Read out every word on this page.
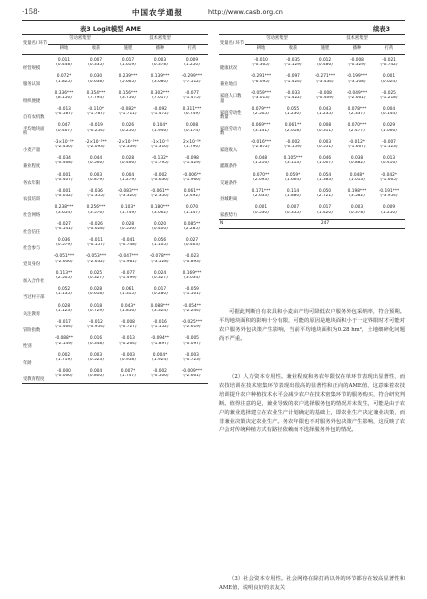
·158·	中国农学通报	http://www.casb.org.cn
表3 Logit模型 AME	续表3
变量名/ 环节	劳动密集型		技术密集型		
	耕地	收获	施肥	播种	打药
经营规模	0.011	0.007	0.017	0.003	0.009
	(0.448)	(0.335)	(1.619)	(0.378)	(1.250)
服务认知	0.072*	0.030	0.239***	0.139***	-0.299***
	(1.825)	(0.638)	(5.665)	(3.080)	(-7.512)
组织便捷	0.336***	0.354***	0.156***	0.302***	-0.077
	(8.156)	(7.794)	(3.756)	(7.017)	(-1.475)
自有农机数	-0.013	-0.110*	-0.082*	-0.092	0.311***
	(-0.587)	(-1.787)	(-1.711)	(-1.472)	(6.749)
平均地块面积	0.047	-0.019	0.026	0.104*	0.008
	(0.467)	(-0.254)	(0.250)	(1.946)	(0.174)
小麦产量	-3×10⁻⁵*	-2×10⁻⁵**	-2×10⁻⁵**	-1×10⁻⁵	2×10⁻⁵*
	(-2.430)	(-2.093)	(-2.339)	(-1.316)	(1.790)
兼业程度	-0.034	0.044	0.028	-0.132*	-0.098
	(-0.468)	(0.566)	(0.466)	(-1.795)	(-1.429)
务农年限	-0.001	0.003	0.004	-0.002	-0.006**
	(-0.407)	(0.879)	(1.279)	(-0.636)	(-1.966)
农技培训	-0.001	-0.036	-0.083***	-0.061**	0.061**
	(-0.032)	(-1.355)	(-3.320)	(-2.350)	(2.492)
社会网络	0.238***	0.256***	0.103*	0.180***	0.070
	(3.654)	(3.576)	(1.749)	(3.062)	(1.147)
社会信任	-0.027	-0.026	0.028	0.020	0.085**
	(-0.541)	(-0.628)	(0.556)	(0.400)	(2.285)
社会参与	0.036	-0.011	-0.041	0.056	0.027
	(0.579)	(-0.157)	(-0.748)	(1.105)	(0.463)
党员身份	-0.051***	-0.053***	-0.047***	-0.078***	-0.023
	(-2.606)	(-2.632)	(-1.981)	(-3.528)	(-0.893)
加入合作社	0.113**	0.025	-0.077	0.024	0.169***
	(2.505)	(0.327)	(-1.499)	(0.327)	(3.034)
当过村干部	0.052	0.028	0.061	0.017	-0.059
	(1.135)	(0.618)	(1.315)	(0.280)	(-1.501)
关注教育	0.028	0.018	0.043*	0.088***	-0.054**
	(1.123)	(0.729)	(1.856)	(3.324)	(-2.244)
冒险指数	-0.017	-0.012	-0.008	-0.016	-0.025***
	(-1.464)	(-0.954)	(-0.727)	(-1.152)	(-2.619)
性别	-0.088**	0.016	-0.013	-0.094**	-0.005
	(-2.149)	(0.348)	(-0.264)	(-1.897)	(-0.097)
年龄	0.002	0.003	-0.003	0.004*	-0.003
	(1.719)	(0.523)	(0.958)	(1.924)	(-0.723)
受教育程度	-0.000	0.004	0.007*	-0.002	-0.009***
	(-0.066)	(0.800)	(1.747)	(-0.506)	(-2.661)
变量名/ 环节	劳动密集型		技术密集型		
	耕地	收获	施肥	播种	打药
健康状况	-0.010	-0.035	0.012	-0.008	-0.021
	(-0.365)	(-1.129)	(0.486)	(-0.329)	(-0.742)
兼业地点	-0.291***	-0.097	-0.271***	-0.199***	0.001
	(-6.095)	(-1.424)	(-3.434)	(-3.508)	(0.024)
家庭人口数量	-0.059***	-0.033	-0.008	-0.049***	-0.025
	(-3.013)	(-1.422)	(-0.469)	(-2.661)	(-1.218)
家庭劳动性数量	0.079***	0.055	0.043	0.078***	0.004
	(2.505)	(1.230)	(1.235)	(2.337)	(0.144)
家庭劳动力数	0.069***	0.061**	0.008	0.070***	0.029
	(3.141)	(2.018)	(0.311)	(2.477)	(1.066)
家庭收入	-0.016***	-0.002	0.003	-0.012*	-0.007
	(-2.872)	(-0.159)	(0.551)	(-1.667)	(-1.123)
灌溉条件	0.048	0.105***	0.046	0.038	0.013
	(1.216)	(3.113)	(1.007)	(0.882)	(0.416)
交通条件	0.070**	0.059*	0.054	0.048*	-0.042*
	(2.093)	(1.664)	(1.383)	(1.013)	(-1.665)
县城距离	0.171***	0.114	0.050	0.198***	-0.191***
	(2.633)	(1.880)	(2.721)	(3.582)	(-3.954)
家族势力	0.001	0.007	0.017	0.003	0.009
	(0.530)	(0.355)	(1.420)	(0.378)	(1.250)
N	247				

可据此判断自有农具和小麦亩产均可降低农户服务外包采纳率，符合预期。平均地块面积的影响十分有限，可能的原因是地块面积小于一定界限时才可能对农户服务外包决策产生影响，当前平均地块面积为0.28 hm²，土地细碎化问题尚不严重。

（2）人力资本专用性。兼业程度和务农年限仅在单环节表现出显著性，而农技培训在技术密集环节表现出很高的显著性和正向的AME值，这意味着农技培训提升农户种植技术水平会减少农户在技术密集环节的服务购买，符合研究判断。值得注意的是，兼业导致的农户选择服务包的情况并未发生，可能是由于农户的兼业选择建立在农业生产计划确定的基础上，即农业生产决定兼业决策，而非兼业决策决定农业生产。务农年限也不对服务外包决策产生影响，这反映了农户会对传统种植方式有路径依赖而不选择服务外包的情况。

（3）社会资本专用性。社会网络在除打药以外的环节都存在较高显著性和AME值，说明良好的亲友关
